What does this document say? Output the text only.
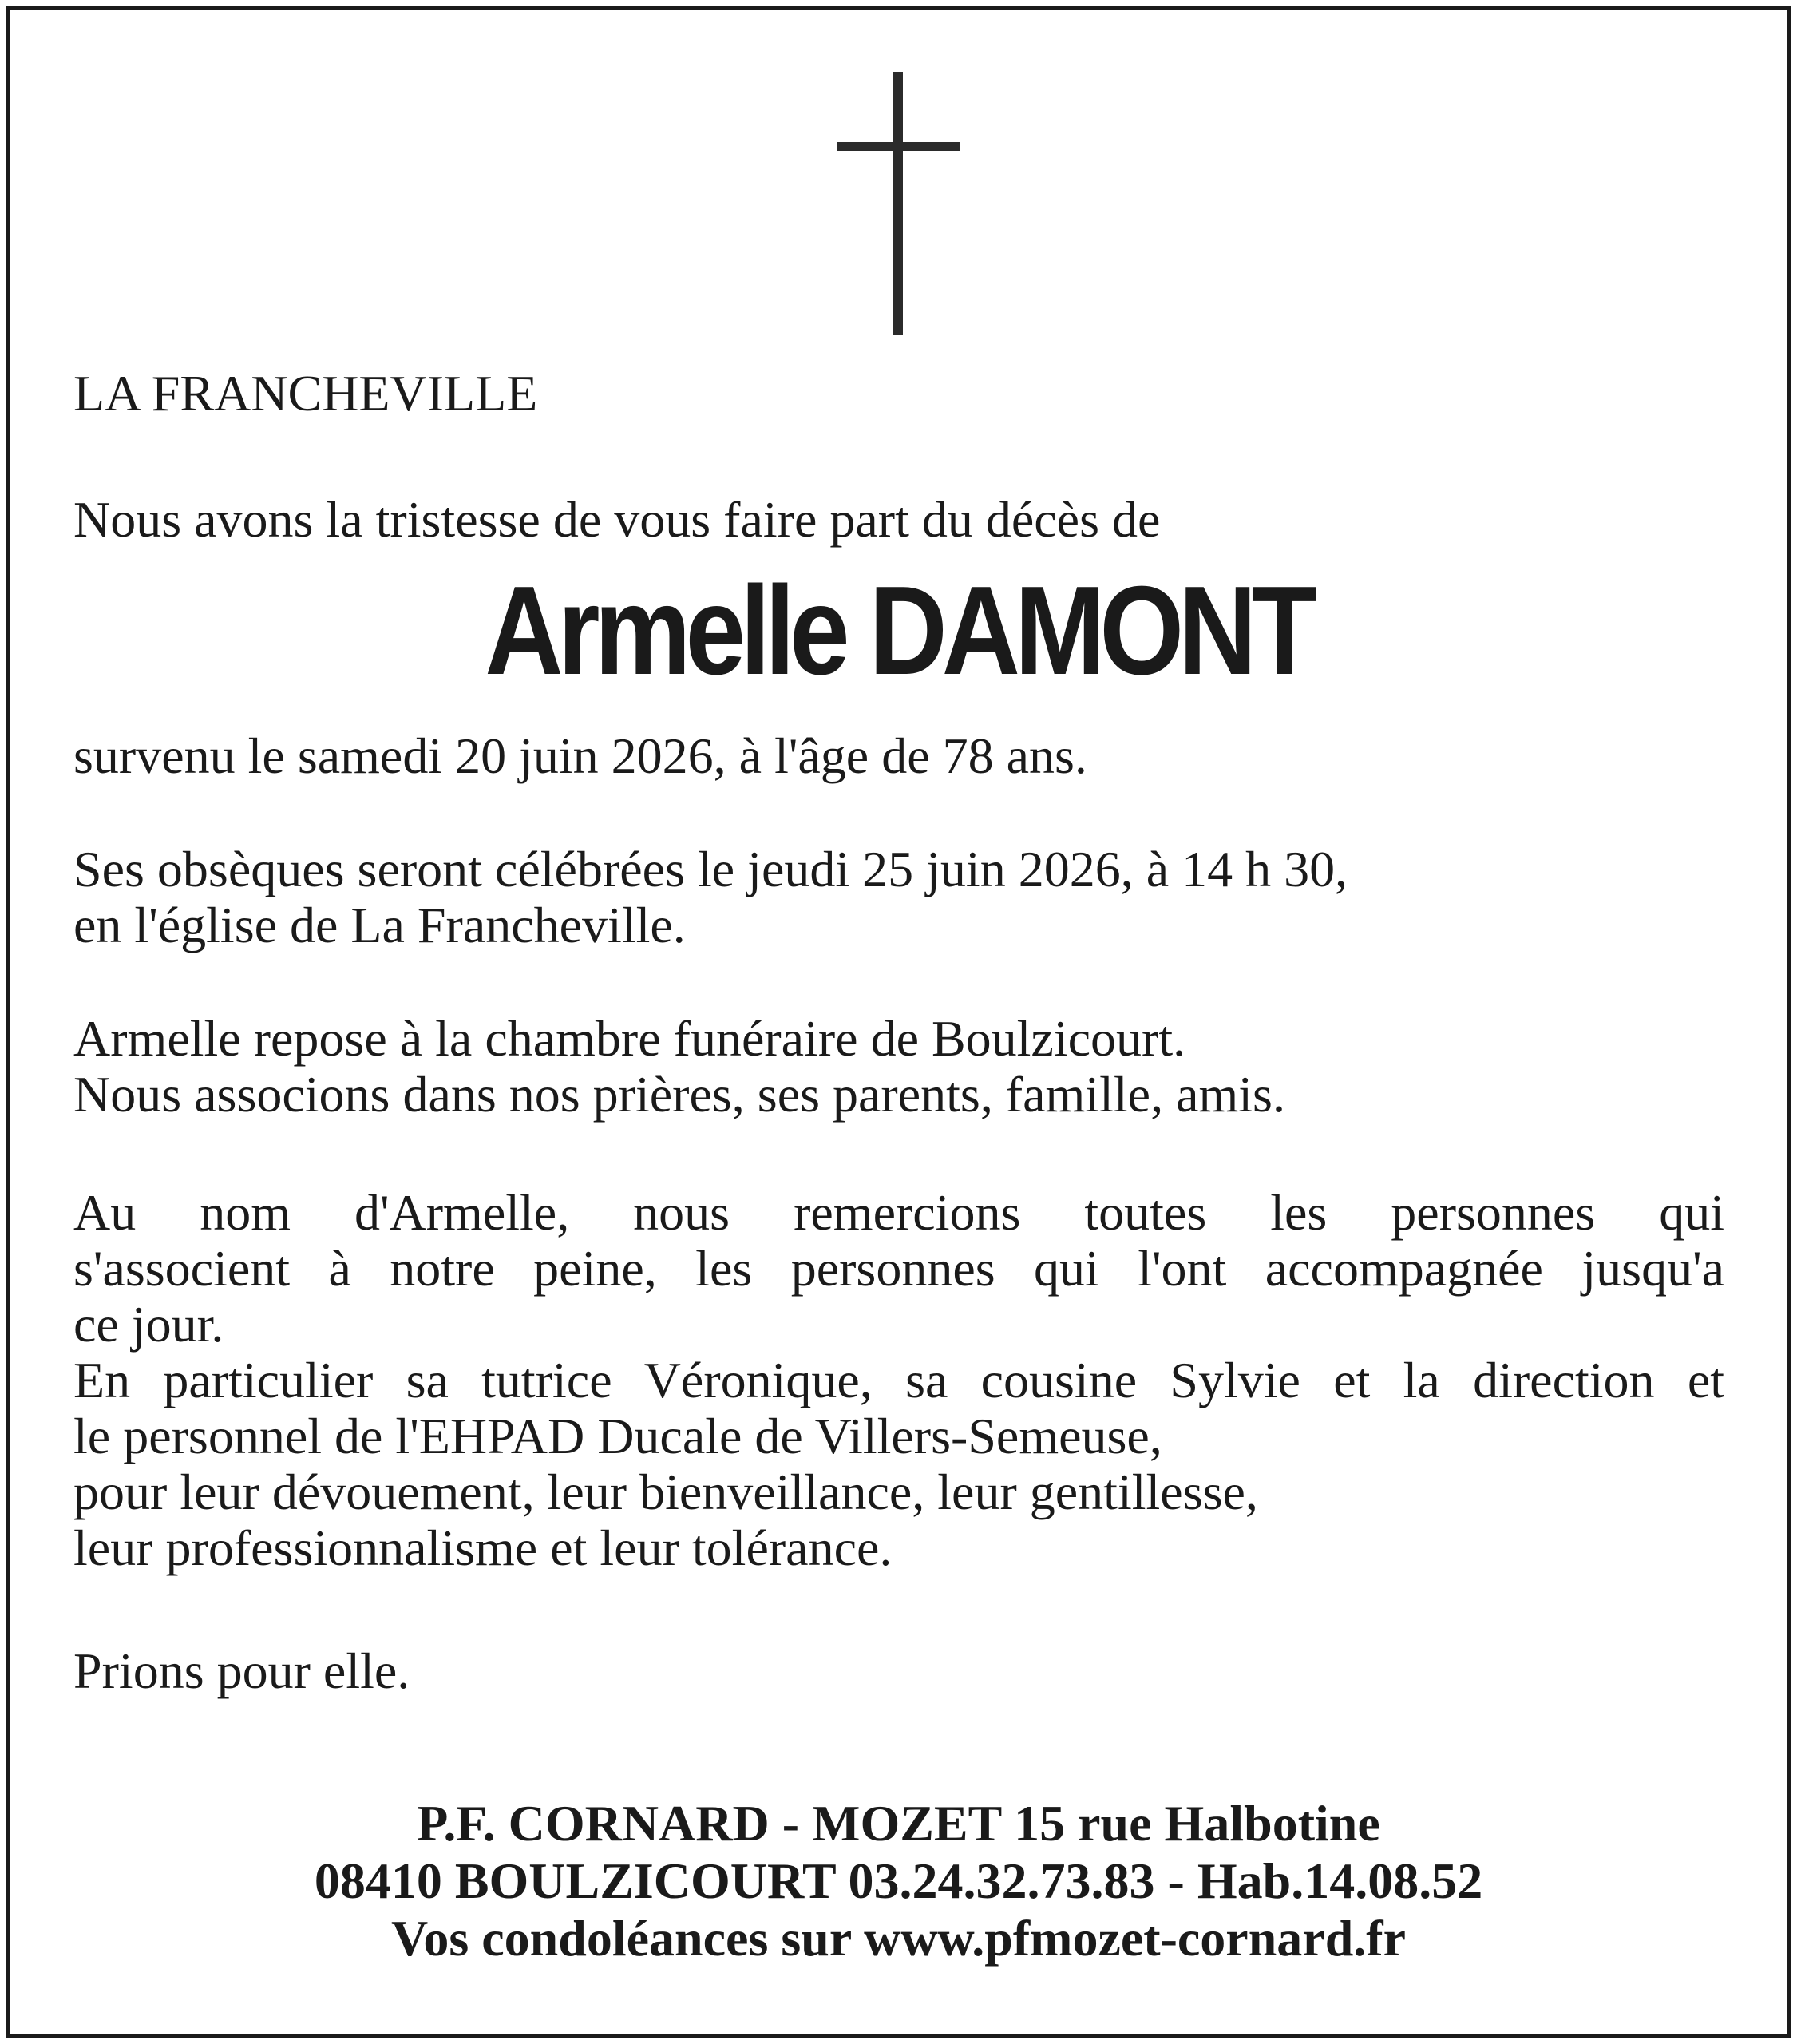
LA FRANCHEVILLE

Nous avons la tristesse de vous faire part du décès de

Armelle DAMONT

survenu le samedi 20 juin 2026, à l'âge de 78 ans.

Ses obsèques seront célébrées le jeudi 25 juin 2026, à 14 h 30,
en l'église de La Francheville.

Armelle repose à la chambre funéraire de Boulzicourt.
Nous associons dans nos prières, ses parents, famille, amis.

Au nom d'Armelle, nous remercions toutes les personnes qui

s'associent à notre peine, les personnes qui l'ont accompagnée jusqu'a

ce jour.

En particulier sa tutrice Véronique, sa cousine Sylvie et la direction et

le personnel de l'EHPAD Ducale de Villers-Semeuse,
pour leur dévouement, leur bienveillance, leur gentillesse,
leur professionnalisme et leur tolérance.

Prions pour elle.

P.F. CORNARD - MOZET 15 rue Halbotine
08410 BOULZICOURT 03.24.32.73.83 - Hab.14.08.52
Vos condoléances sur www.pfmozet-cornard.fr
